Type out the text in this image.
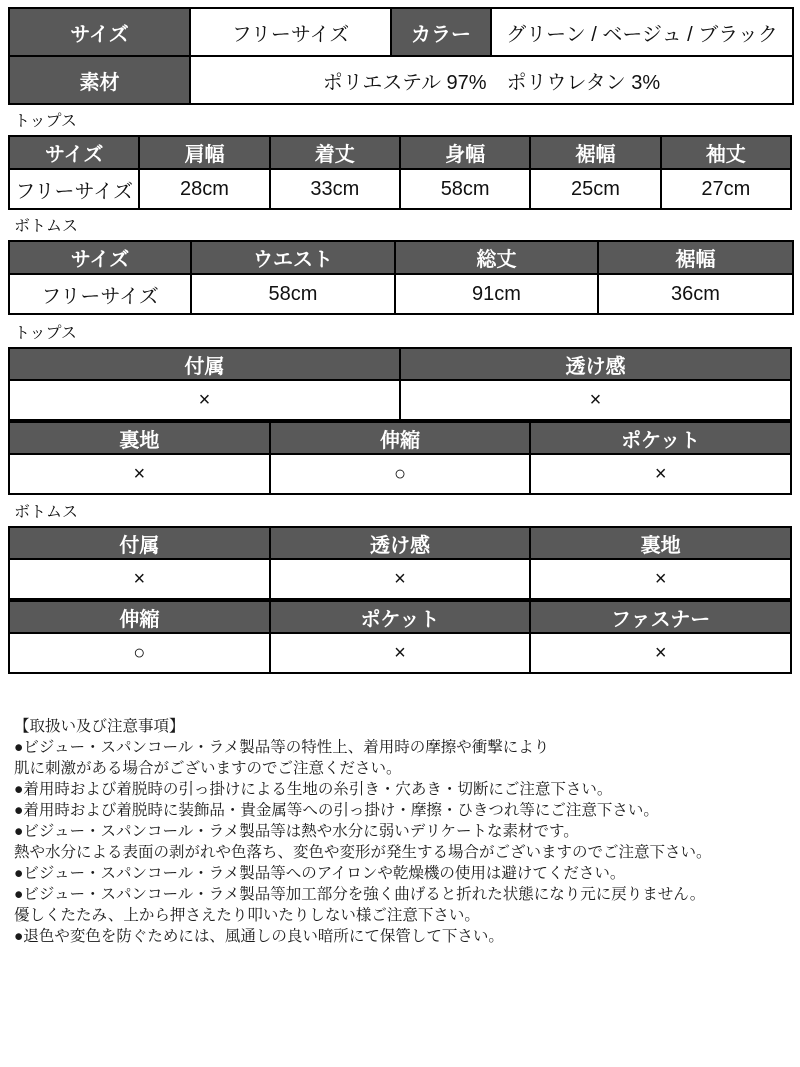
サイズ	フリーサイズ	カラー	グリーン / ベージュ / ブラック
素材	ポリエステル 97%　ポリウレタン 3%		
トップス
サイズ	肩幅	着丈	身幅	裾幅	袖丈
フリーサイズ	28cm	33cm	58cm	25cm	27cm
ボトムス
サイズ	ウエスト	総丈	裾幅
フリーサイズ	58cm	91cm	36cm
トップス
付属	透け感
×	×
裏地	伸縮	ポケット
×	○	×
ボトムス
付属	透け感	裏地
×	×	×
伸縮	ポケット	ファスナー
○	×	×
【取扱い及び注意事項】
●ビジュー・スパンコール・ラメ製品等の特性上、着用時の摩擦や衝撃により
肌に刺激がある場合がございますのでご注意ください。
●着用時および着脱時の引っ掛けによる生地の糸引き・穴あき・切断にご注意下さい。
●着用時および着脱時に装飾品・貴金属等への引っ掛け・摩擦・ひきつれ等にご注意下さい。
●ビジュー・スパンコール・ラメ製品等は熱や水分に弱いデリケートな素材です。
熱や水分による表面の剥がれや色落ち、変色や変形が発生する場合がございますのでご注意下さい。
●ビジュー・スパンコール・ラメ製品等へのアイロンや乾燥機の使用は避けてください。
●ビジュー・スパンコール・ラメ製品等加工部分を強く曲げると折れた状態になり元に戻りません。
優しくたたみ、上から押さえたり叩いたりしない様ご注意下さい。
●退色や変色を防ぐためには、風通しの良い暗所にて保管して下さい。
